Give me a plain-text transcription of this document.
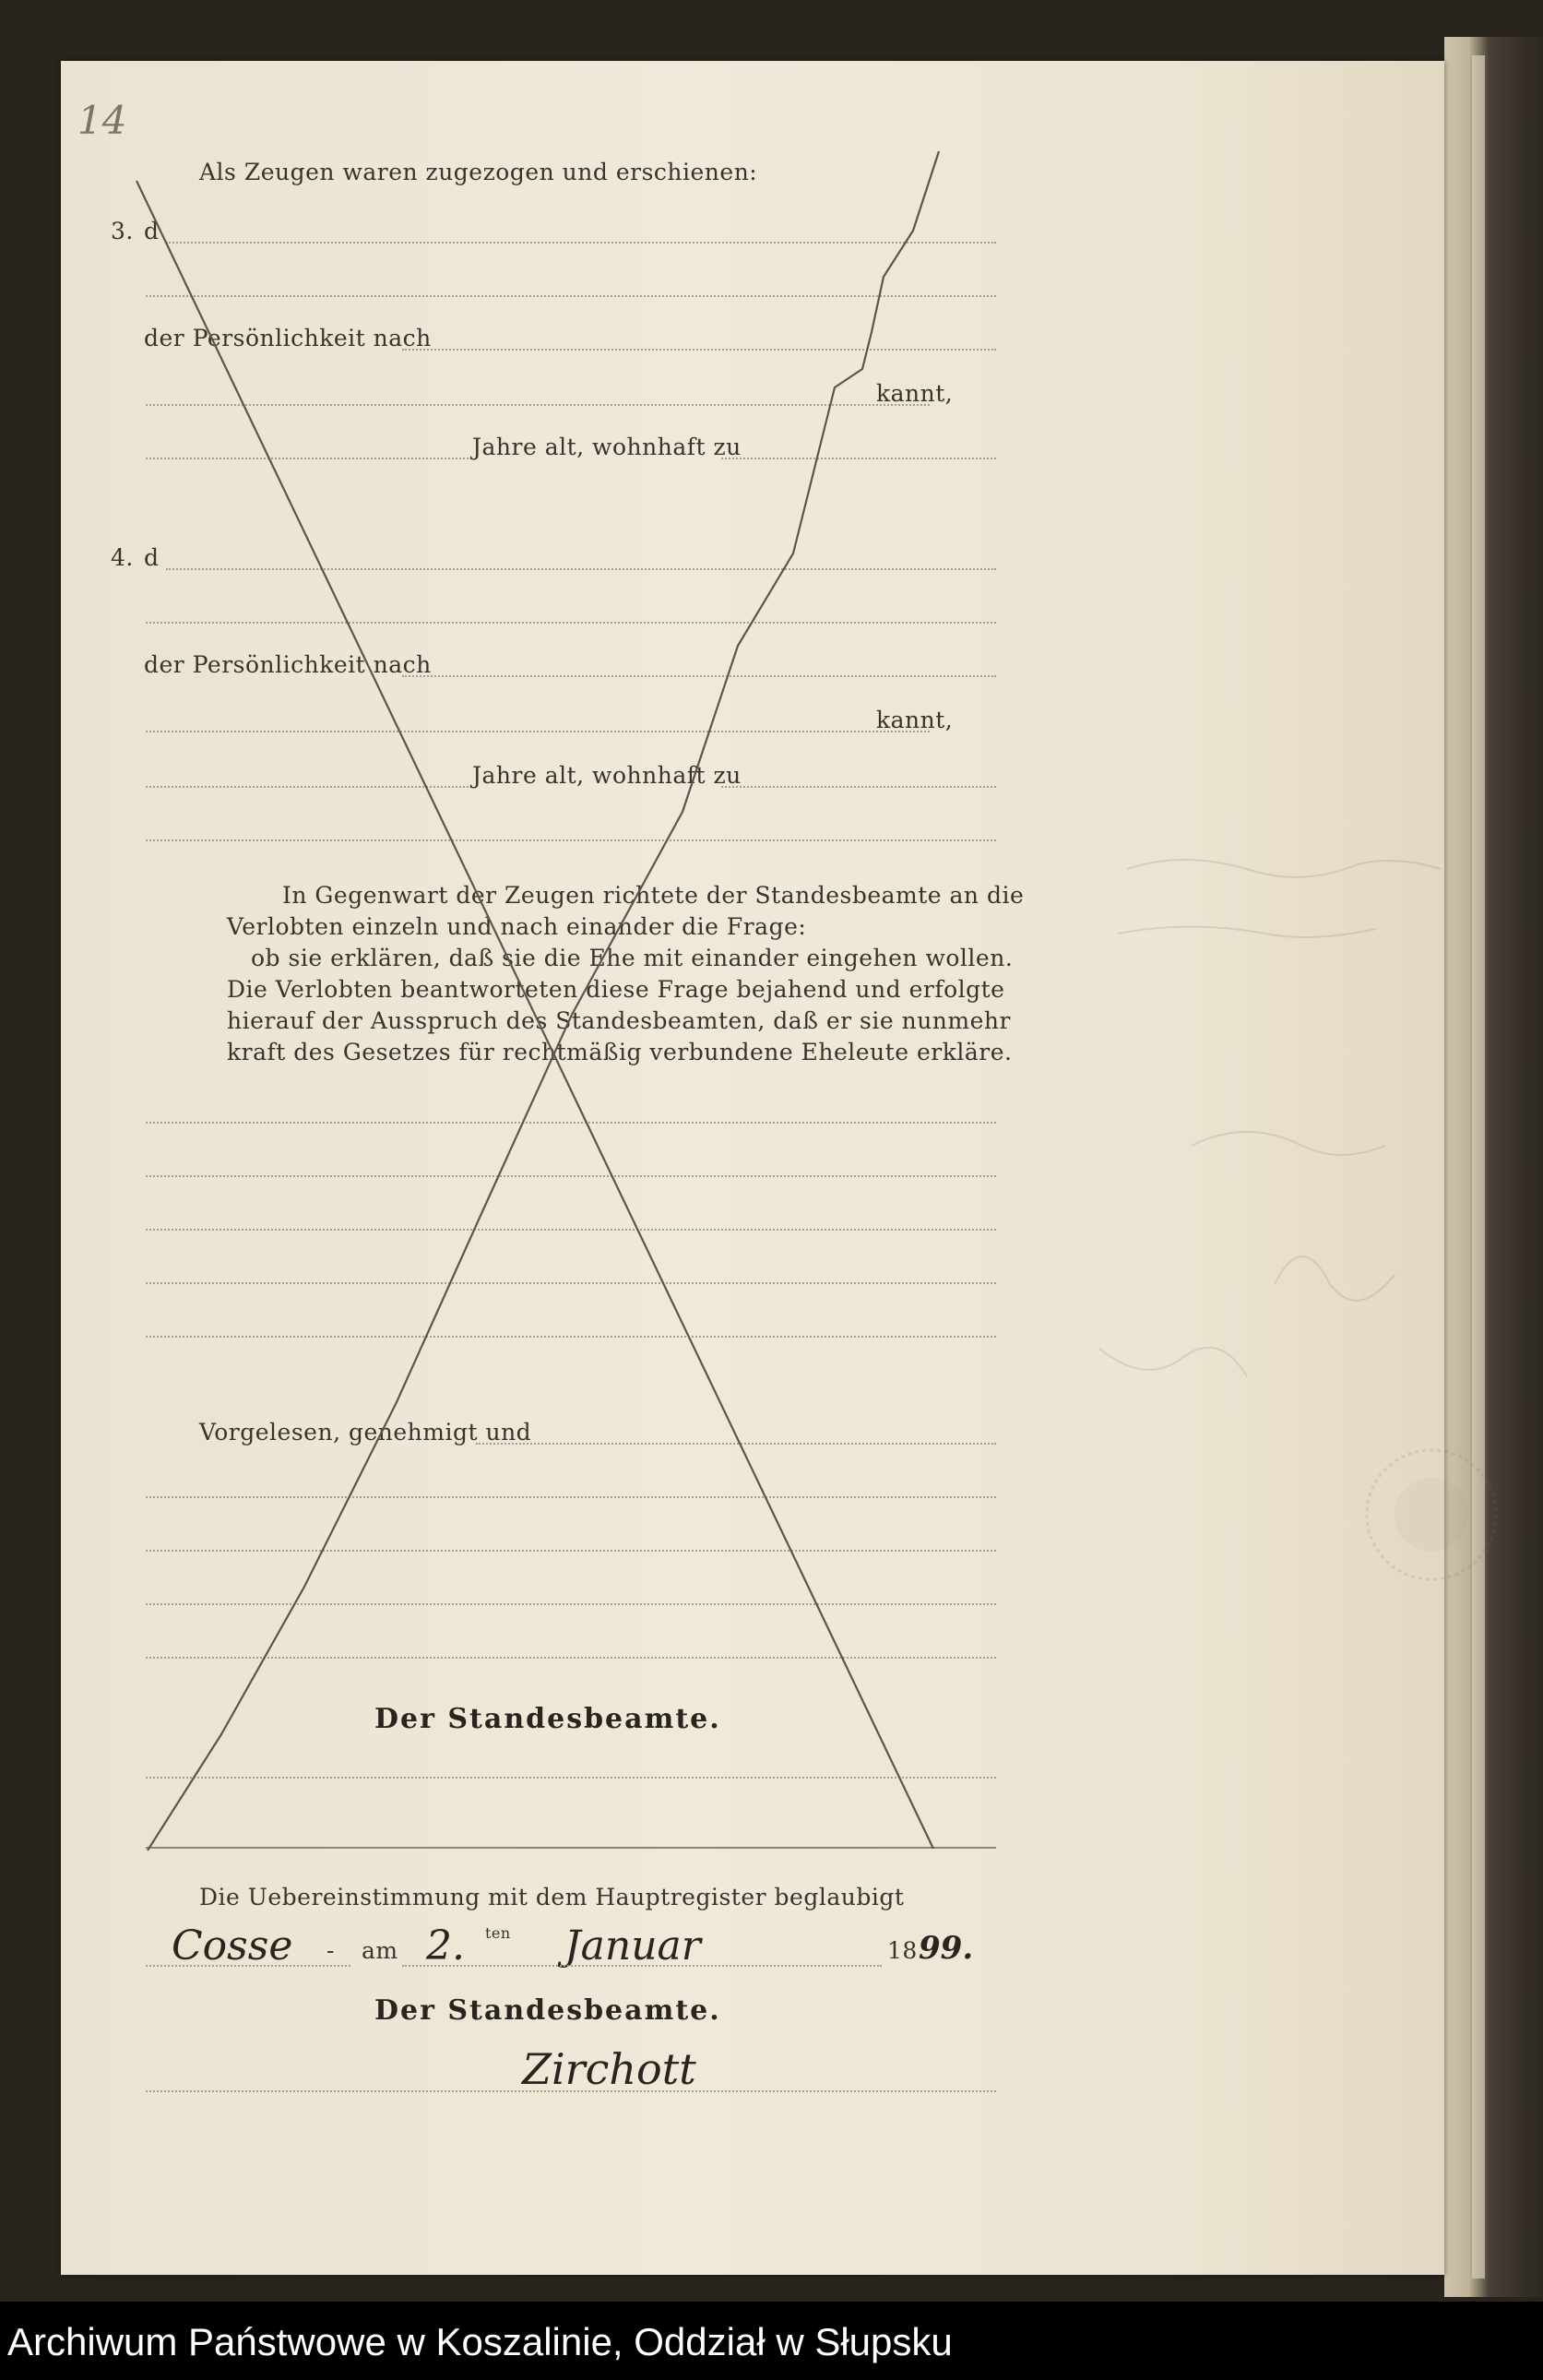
14
Als Zeugen waren zugezogen und erschienen:
3. d
der Persönlichkeit nach
kannt,
Jahre alt, wohnhaft zu
4. d
der Persönlichkeit nach
kannt,
Jahre alt, wohnhaft zu
In Gegenwart der Zeugen richtete der Standesbeamte an die
Verlobten einzeln und nach einander die Frage:
ob sie erklären, daß sie die Ehe mit einander eingehen wollen.
Die Verlobten beantworteten diese Frage bejahend und erfolgte
hierauf der Ausspruch des Standesbeamten, daß er sie nunmehr
kraft des Gesetzes für rechtmäßig verbundene Eheleute erkläre.
Vorgelesen, genehmigt und
Der Standesbeamte.
Die Uebereinstimmung mit dem Hauptregister beglaubigt
Cosse - am 2. ten Januar	18 99.
Der Standesbeamte.
Zirchott
Archiwum Państwowe w Koszalinie, Oddział w Słupsku
